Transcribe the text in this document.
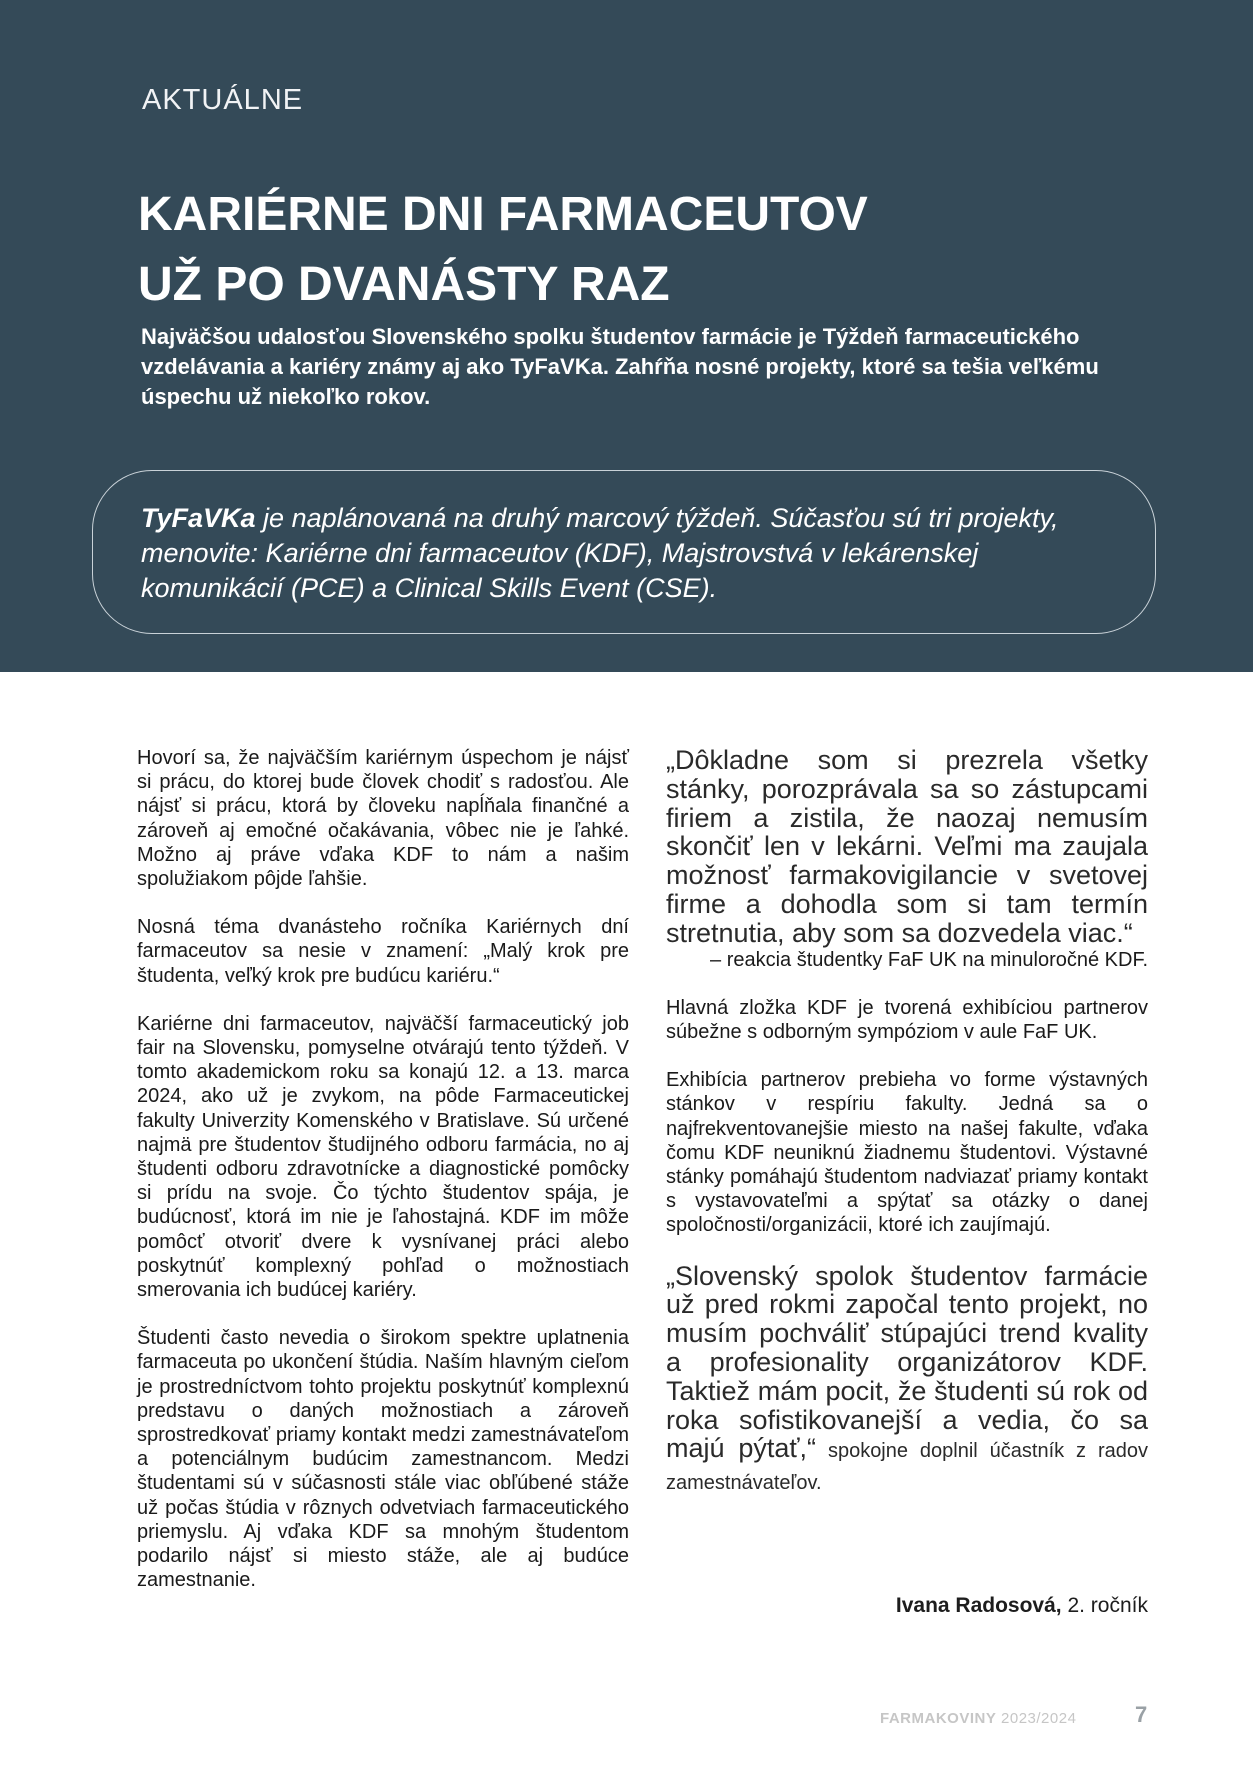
AKTUÁLNE
KARIÉRNE DNI FARMACEUTOV
UŽ PO DVANÁSTY RAZ

Najväčšou udalosťou Slovenského spolku študentov farmácie je Týždeň farmaceutického vzdelávania a kariéry známy aj ako TyFaVKa. Zahŕňa nosné projekty, ktoré sa tešia veľkému úspechu už niekoľko rokov.

TyFaVKa je naplánovaná na druhý marcový týždeň. Súčasťou sú tri projekty, menovite: Kariérne dni farmaceutov (KDF), Majstrovstvá v lekárenskej komunikácií (PCE) a Clinical Skills Event (CSE).

Hovorí sa, že najväčším kariérnym úspechom je nájsť si prácu, do ktorej bude človek chodiť s radosťou. Ale nájsť si prácu, ktorá by človeku napĺňala finančné a zároveň aj emočné očakávania, vôbec nie je ľahké. Možno aj práve vďaka KDF to nám a našim spolužiakom pôjde ľahšie.

Nosná téma dvanásteho ročníka Kariérnych dní farmaceutov sa nesie v znamení: „Malý krok pre študenta, veľký krok pre budúcu kariéru.“

Kariérne dni farmaceutov, najväčší farmaceutický job fair na Slovensku, pomyselne otvárajú tento týždeň. V tomto akademickom roku sa konajú 12. a 13. marca 2024, ako už je zvykom, na pôde Farmaceutickej fakulty Univerzity Komenského v Bratislave. Sú určené najmä pre študentov študijného odboru farmácia, no aj študenti odboru zdravotnícke a diagnostické pomôcky si prídu na svoje. Čo týchto študentov spája, je budúcnosť, ktorá im nie je ľahostajná. KDF im môže pomôcť otvoriť dvere k vysnívanej práci alebo poskytnúť komplexný pohľad o možnostiach smerovania ich budúcej kariéry.

Študenti často nevedia o širokom spektre uplatnenia farmaceuta po ukončení štúdia. Naším hlavným cieľom je prostredníctvom tohto projektu poskytnúť komplexnú predstavu o daných možnostiach a zároveň sprostredkovať priamy kontakt medzi zamestnávateľom a potenciálnym budúcim zamestnancom. Medzi študentami sú v súčasnosti stále viac obľúbené stáže už počas štúdia v rôznych odvetviach farmaceutického priemyslu. Aj vďaka KDF sa mnohým študentom podarilo nájsť si miesto stáže, ale aj budúce zamestnanie.

„Dôkladne som si prezrela všetky stánky, porozprávala sa so zástupcami firiem a zistila, že naozaj nemusím skončiť len v lekárni. Veľmi ma zaujala možnosť farmakovigilancie v svetovej firme a dohodla som si tam termín stretnutia, aby som sa dozvedela viac.“

– reakcia študentky FaF UK na minuloročné KDF.

Hlavná zložka KDF je tvorená exhibíciou partnerov súbežne s odborným sympóziom v aule FaF UK.

Exhibícia partnerov prebieha vo forme výstavných stánkov v respíriu fakulty. Jedná sa o najfrekventovanejšie miesto na našej fakulte, vďaka čomu KDF neuniknú žiadnemu študentovi. Výstavné stánky pomáhajú študentom nadviazať priamy kontakt s vystavovateľmi a spýtať sa otázky o danej spoločnosti/organizácii, ktoré ich zaujímajú.

„Slovenský spolok študentov farmácie už pred rokmi započal tento projekt, no musím pochváliť stúpajúci trend kvality a profesionality organizátorov KDF. Taktiež mám pocit, že študenti sú rok od roka sofistikovanejší a vedia, čo sa majú pýtať,“ spokojne doplnil účastník z radov zamestnávateľov.
Ivana Radosová, 2. ročník
FARMAKOVINY 2023/2024	7
